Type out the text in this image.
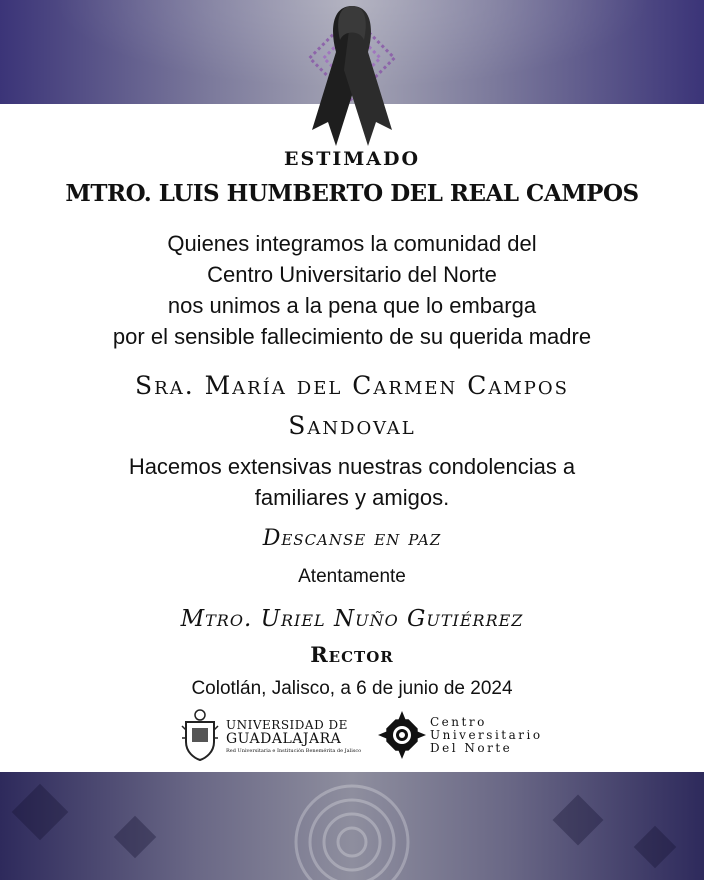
ESTIMADO
MTRO. LUIS HUMBERTO DEL REAL CAMPOS
Quienes integramos la comunidad del
Centro Universitario del Norte
nos unimos a la pena que lo embarga
por el sensible fallecimiento de su querida madre
Sra. María del Carmen Campos
Sandoval
Hacemos extensivas nuestras condolencias a
familiares y amigos.
Descanse en paz
Atentamente
Mtro. Uriel Nuño Gutiérrez
Rector
Colotlán, Jalisco, a 6 de junio de 2024
UNIVERSIDAD DE
GUADALAJARA
Red Universitaria e Institución Benemérita de Jalisco
Centro
Universitario
Del Norte
